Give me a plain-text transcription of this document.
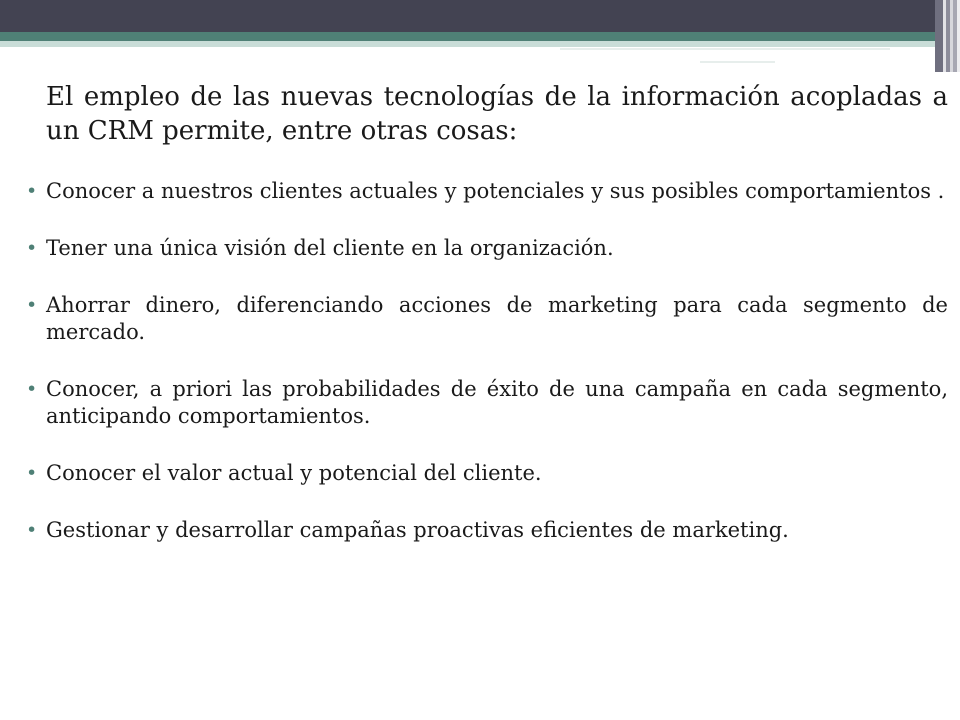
El empleo de las nuevas tecnologías de la información acopladas a un CRM permite, entre otras cosas:

• Conocer a nuestros clientes actuales y potenciales y sus posibles comportamientos .
• Tener una única visión del cliente en la organización.
• Ahorrar dinero, diferenciando acciones de marketing para cada segmento de mercado.
• Conocer, a priori las probabilidades de éxito de una campaña en cada segmento, anticipando comportamientos.
• Conocer el valor actual y potencial del cliente.
• Gestionar y desarrollar campañas proactivas eficientes de marketing.
